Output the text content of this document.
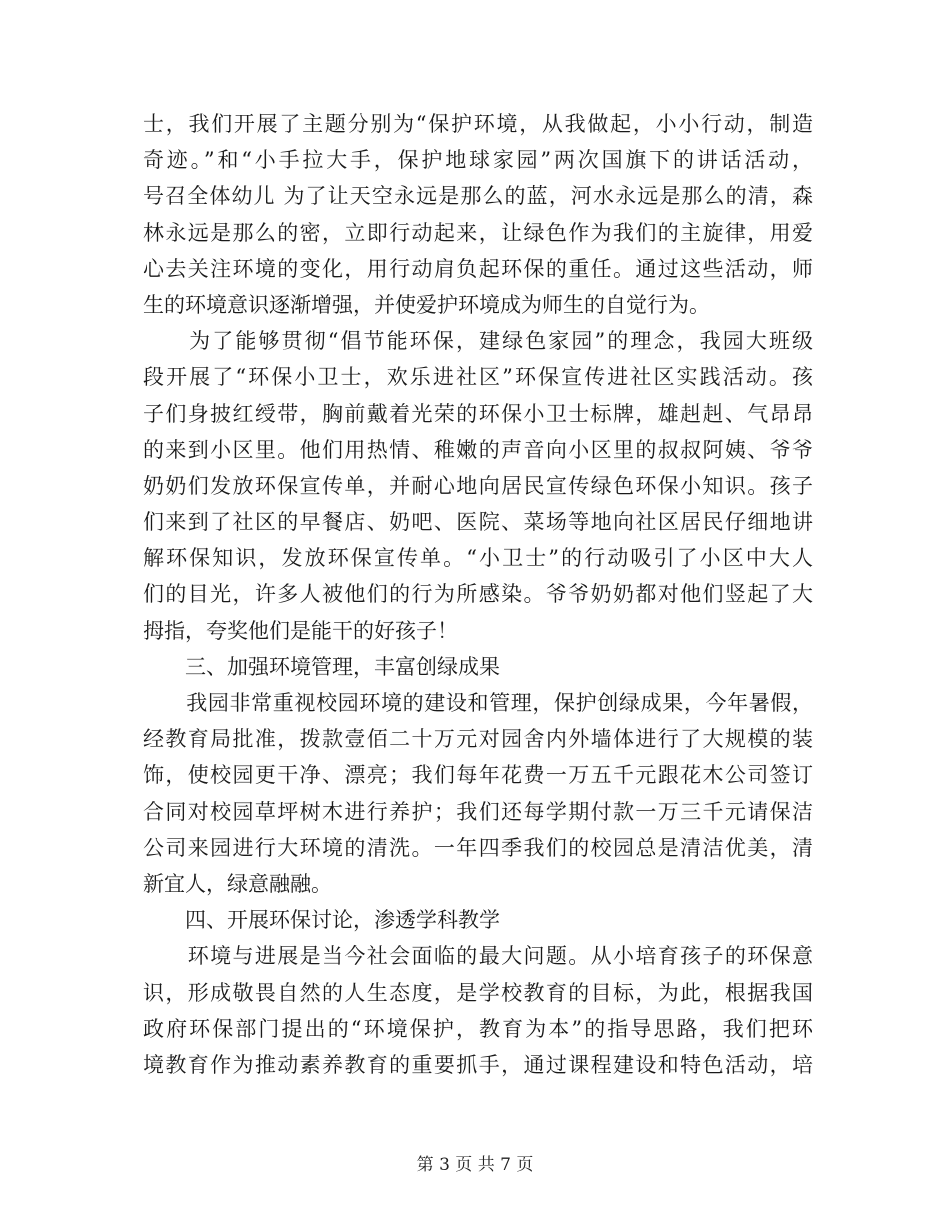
士，我们开展了主题分别为“保护环境，从我做起，小小行动，制造
奇迹。”和“小手拉大手，保护地球家园”两次国旗下的讲话活动，
号召全体幼儿 为了让天空永远是那么的蓝，河水永远是那么的清，森
林永远是那么的密，立即行动起来，让绿色作为我们的主旋律，用爱
心去关注环境的变化，用行动肩负起环保的重任。通过这些活动，师
生的环境意识逐渐增强，并使爱护环境成为师生的自觉行为。
　　为了能够贯彻“倡节能环保，建绿色家园”的理念，我园大班级
段开展了“环保小卫士，欢乐进社区”环保宣传进社区实践活动。孩
子们身披红绶带，胸前戴着光荣的环保小卫士标牌，雄赳赳、气昂昂
的来到小区里。他们用热情、稚嫩的声音向小区里的叔叔阿姨、爷爷
奶奶们发放环保宣传单，并耐心地向居民宣传绿色环保小知识。孩子
们来到了社区的早餐店、奶吧、医院、菜场等地向社区居民仔细地讲
解环保知识，发放环保宣传单。“小卫士”的行动吸引了小区中大人
们的目光，许多人被他们的行为所感染。爷爷奶奶都对他们竖起了大
拇指，夸奖他们是能干的好孩子！
　　三、加强环境管理，丰富创绿成果
　　我园非常重视校园环境的建设和管理，保护创绿成果，今年暑假，
经教育局批准，拨款壹佰二十万元对园舍内外墙体进行了大规模的装
饰，使校园更干净、漂亮；我们每年花费一万五千元跟花木公司签订
合同对校园草坪树木进行养护；我们还每学期付款一万三千元请保洁
公司来园进行大环境的清洗。一年四季我们的校园总是清洁优美，清
新宜人，绿意融融。
　　四、开展环保讨论，渗透学科教学
　　环境与进展是当今社会面临的最大问题。从小培育孩子的环保意
识，形成敬畏自然的人生态度，是学校教育的目标，为此，根据我国
政府环保部门提出的“环境保护，教育为本”的指导思路，我们把环
境教育作为推动素养教育的重要抓手，通过课程建设和特色活动，培
第 3 页 共 7 页
